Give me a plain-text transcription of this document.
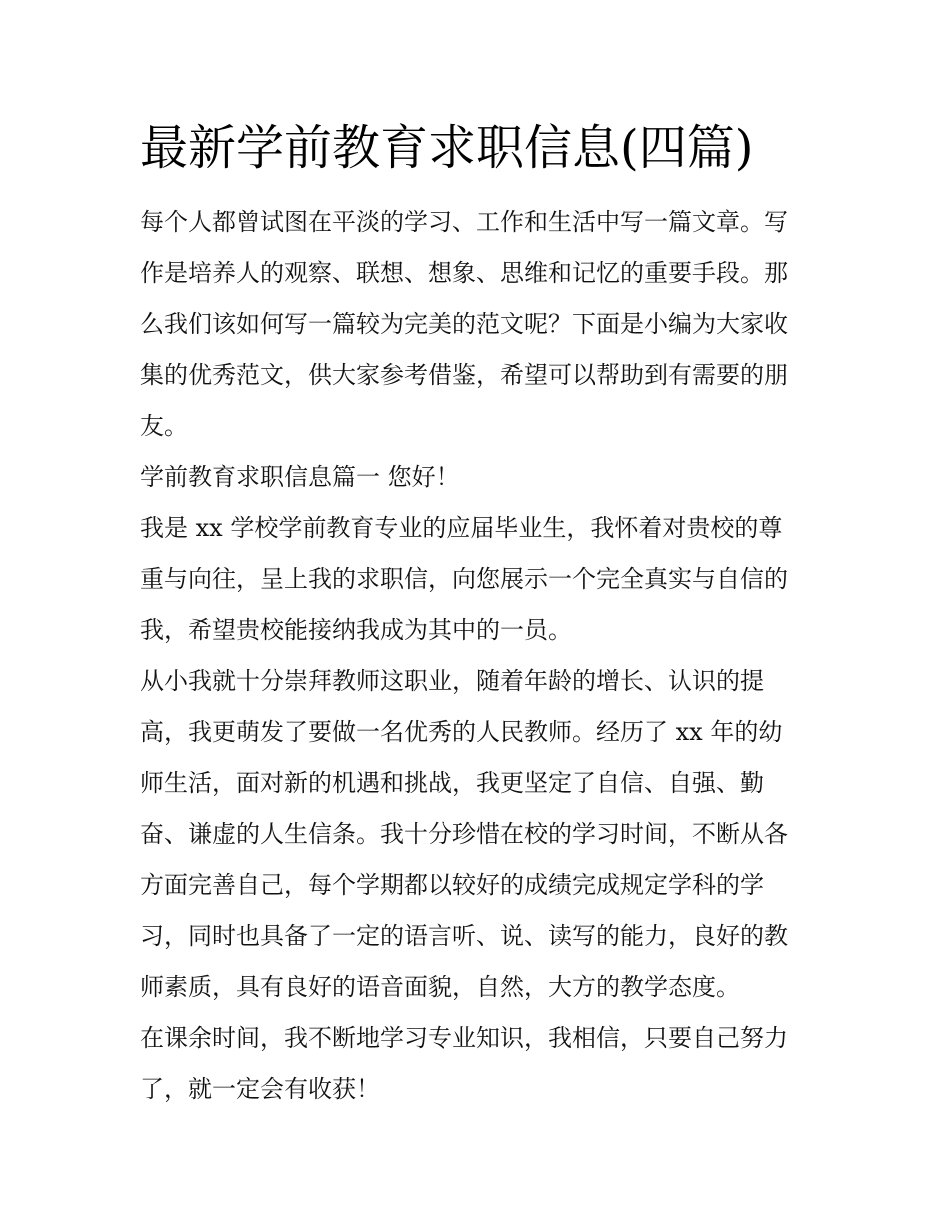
最新学前教育求职信息(四篇)

每个人都曾试图在平淡的学习、工作和生活中写一篇文章。写

作是培养人的观察、联想、想象、思维和记忆的重要手段。那

么我们该如何写一篇较为完美的范文呢？下面是小编为大家收

集的优秀范文，供大家参考借鉴，希望可以帮助到有需要的朋

友。

学前教育求职信息篇一 您好！

我是 xx 学校学前教育专业的应届毕业生，我怀着对贵校的尊

重与向往，呈上我的求职信，向您展示一个完全真实与自信的

我，希望贵校能接纳我成为其中的一员。

从小我就十分崇拜教师这职业，随着年龄的增长、认识的提

高，我更萌发了要做一名优秀的人民教师。经历了 xx 年的幼

师生活，面对新的机遇和挑战，我更坚定了自信、自强、勤

奋、谦虚的人生信条。我十分珍惜在校的学习时间，不断从各

方面完善自己，每个学期都以较好的成绩完成规定学科的学

习，同时也具备了一定的语言听、说、读写的能力，良好的教

师素质，具有良好的语音面貌，自然，大方的教学态度。

在课余时间，我不断地学习专业知识，我相信，只要自己努力

了，就一定会有收获！
